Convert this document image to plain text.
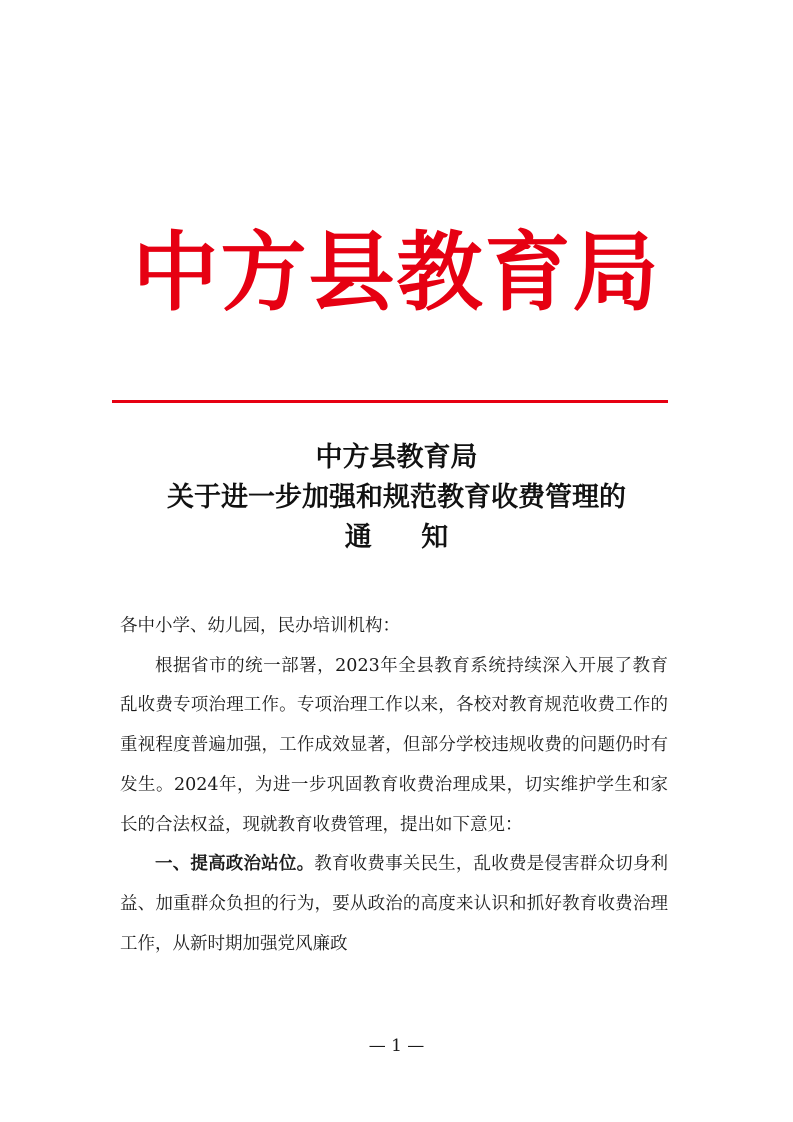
中方县教育局
中方县教育局
关于进一步加强和规范教育收费管理的
通 知

各中小学、幼儿园，民办培训机构：

根据省市的统一部署，2023年全县教育系统持续深入开展了教育乱收费专项治理工作。专项治理工作以来，各校对教育规范收费工作的重视程度普遍加强，工作成效显著，但部分学校违规收费的问题仍时有发生。2024年，为进一步巩固教育收费治理成果，切实维护学生和家长的合法权益，现就教育收费管理，提出如下意见：

一、提高政治站位。教育收费事关民生，乱收费是侵害群众切身利益、加重群众负担的行为，要从政治的高度来认识和抓好教育收费治理工作，从新时期加强党风廉政

— 1 —
